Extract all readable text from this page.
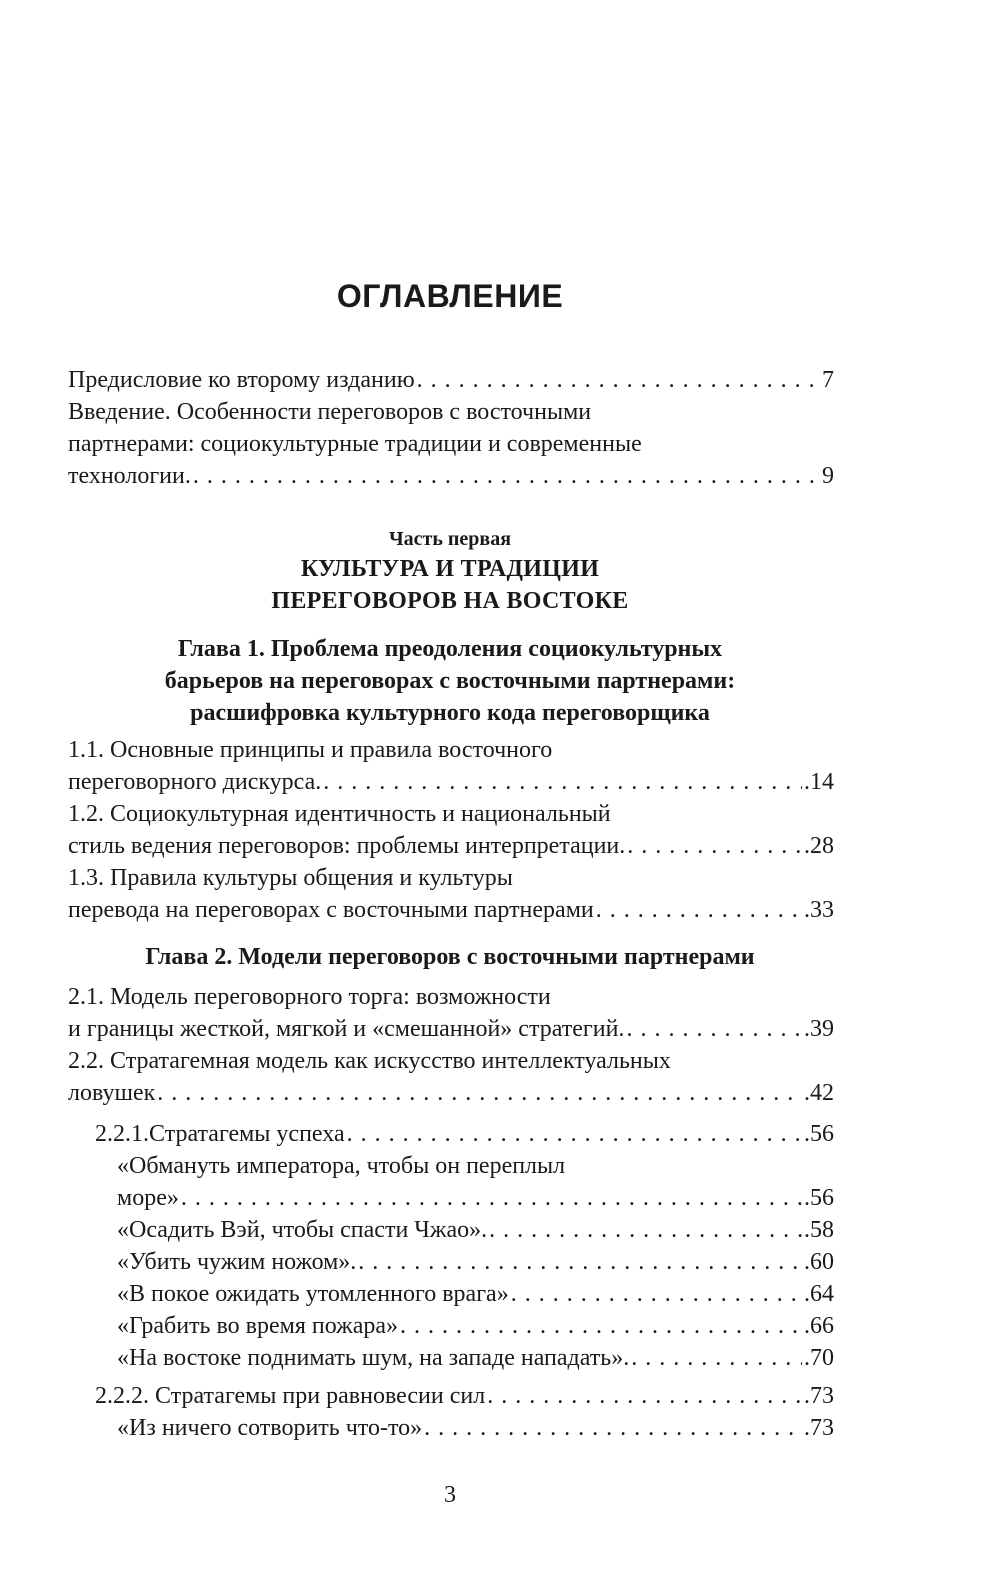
ОГЛАВЛЕНИЕ
Предисловие ко второму изданию . . .	7
Введение. Особенности переговоров с восточными
партнерами: социокультурные традиции и современные
технологии. . . .	9
Часть первая
КУЛЬТУРА И ТРАДИЦИИ
ПЕРЕГОВОРОВ НА ВОСТОКЕ
Глава 1. Проблема преодоления социокультурных
барьеров на переговорах с восточными партнерами:
расшифровка культурного кода переговорщика
1.1. Основные принципы и правила восточного
переговорного дискурса. . . .	.14
1.2. Социокультурная идентичность и национальный
стиль ведения переговоров: проблемы интерпретации. . . .	.28
1.3. Правила культуры общения и культуры
перевода на переговорах с восточными партнерами . . .	.33
Глава 2. Модели переговоров с восточными партнерами
2.1. Модель переговорного торга: возможности
и границы жесткой, мягкой и «смешанной» стратегий. . . .	.39
2.2. Стратагемная модель как искусство интеллектуальных
ловушек . . .	.42
2.2.1.Стратагемы успеха . . .	.56
«Обмануть императора, чтобы он переплыл
море» . . .	.56
«Осадить Вэй, чтобы спасти Чжао». . . .	.58
«Убить чужим ножом». . . .	.60
«В покое ожидать утомленного врага» . . .	.64
«Грабить во время пожара» . . .	.66
«На востоке поднимать шум, на западе нападать». . . .	.70
2.2.2. Стратагемы при равновесии сил . . .	.73
«Из ничего сотворить что-то» . . .	.73
3
